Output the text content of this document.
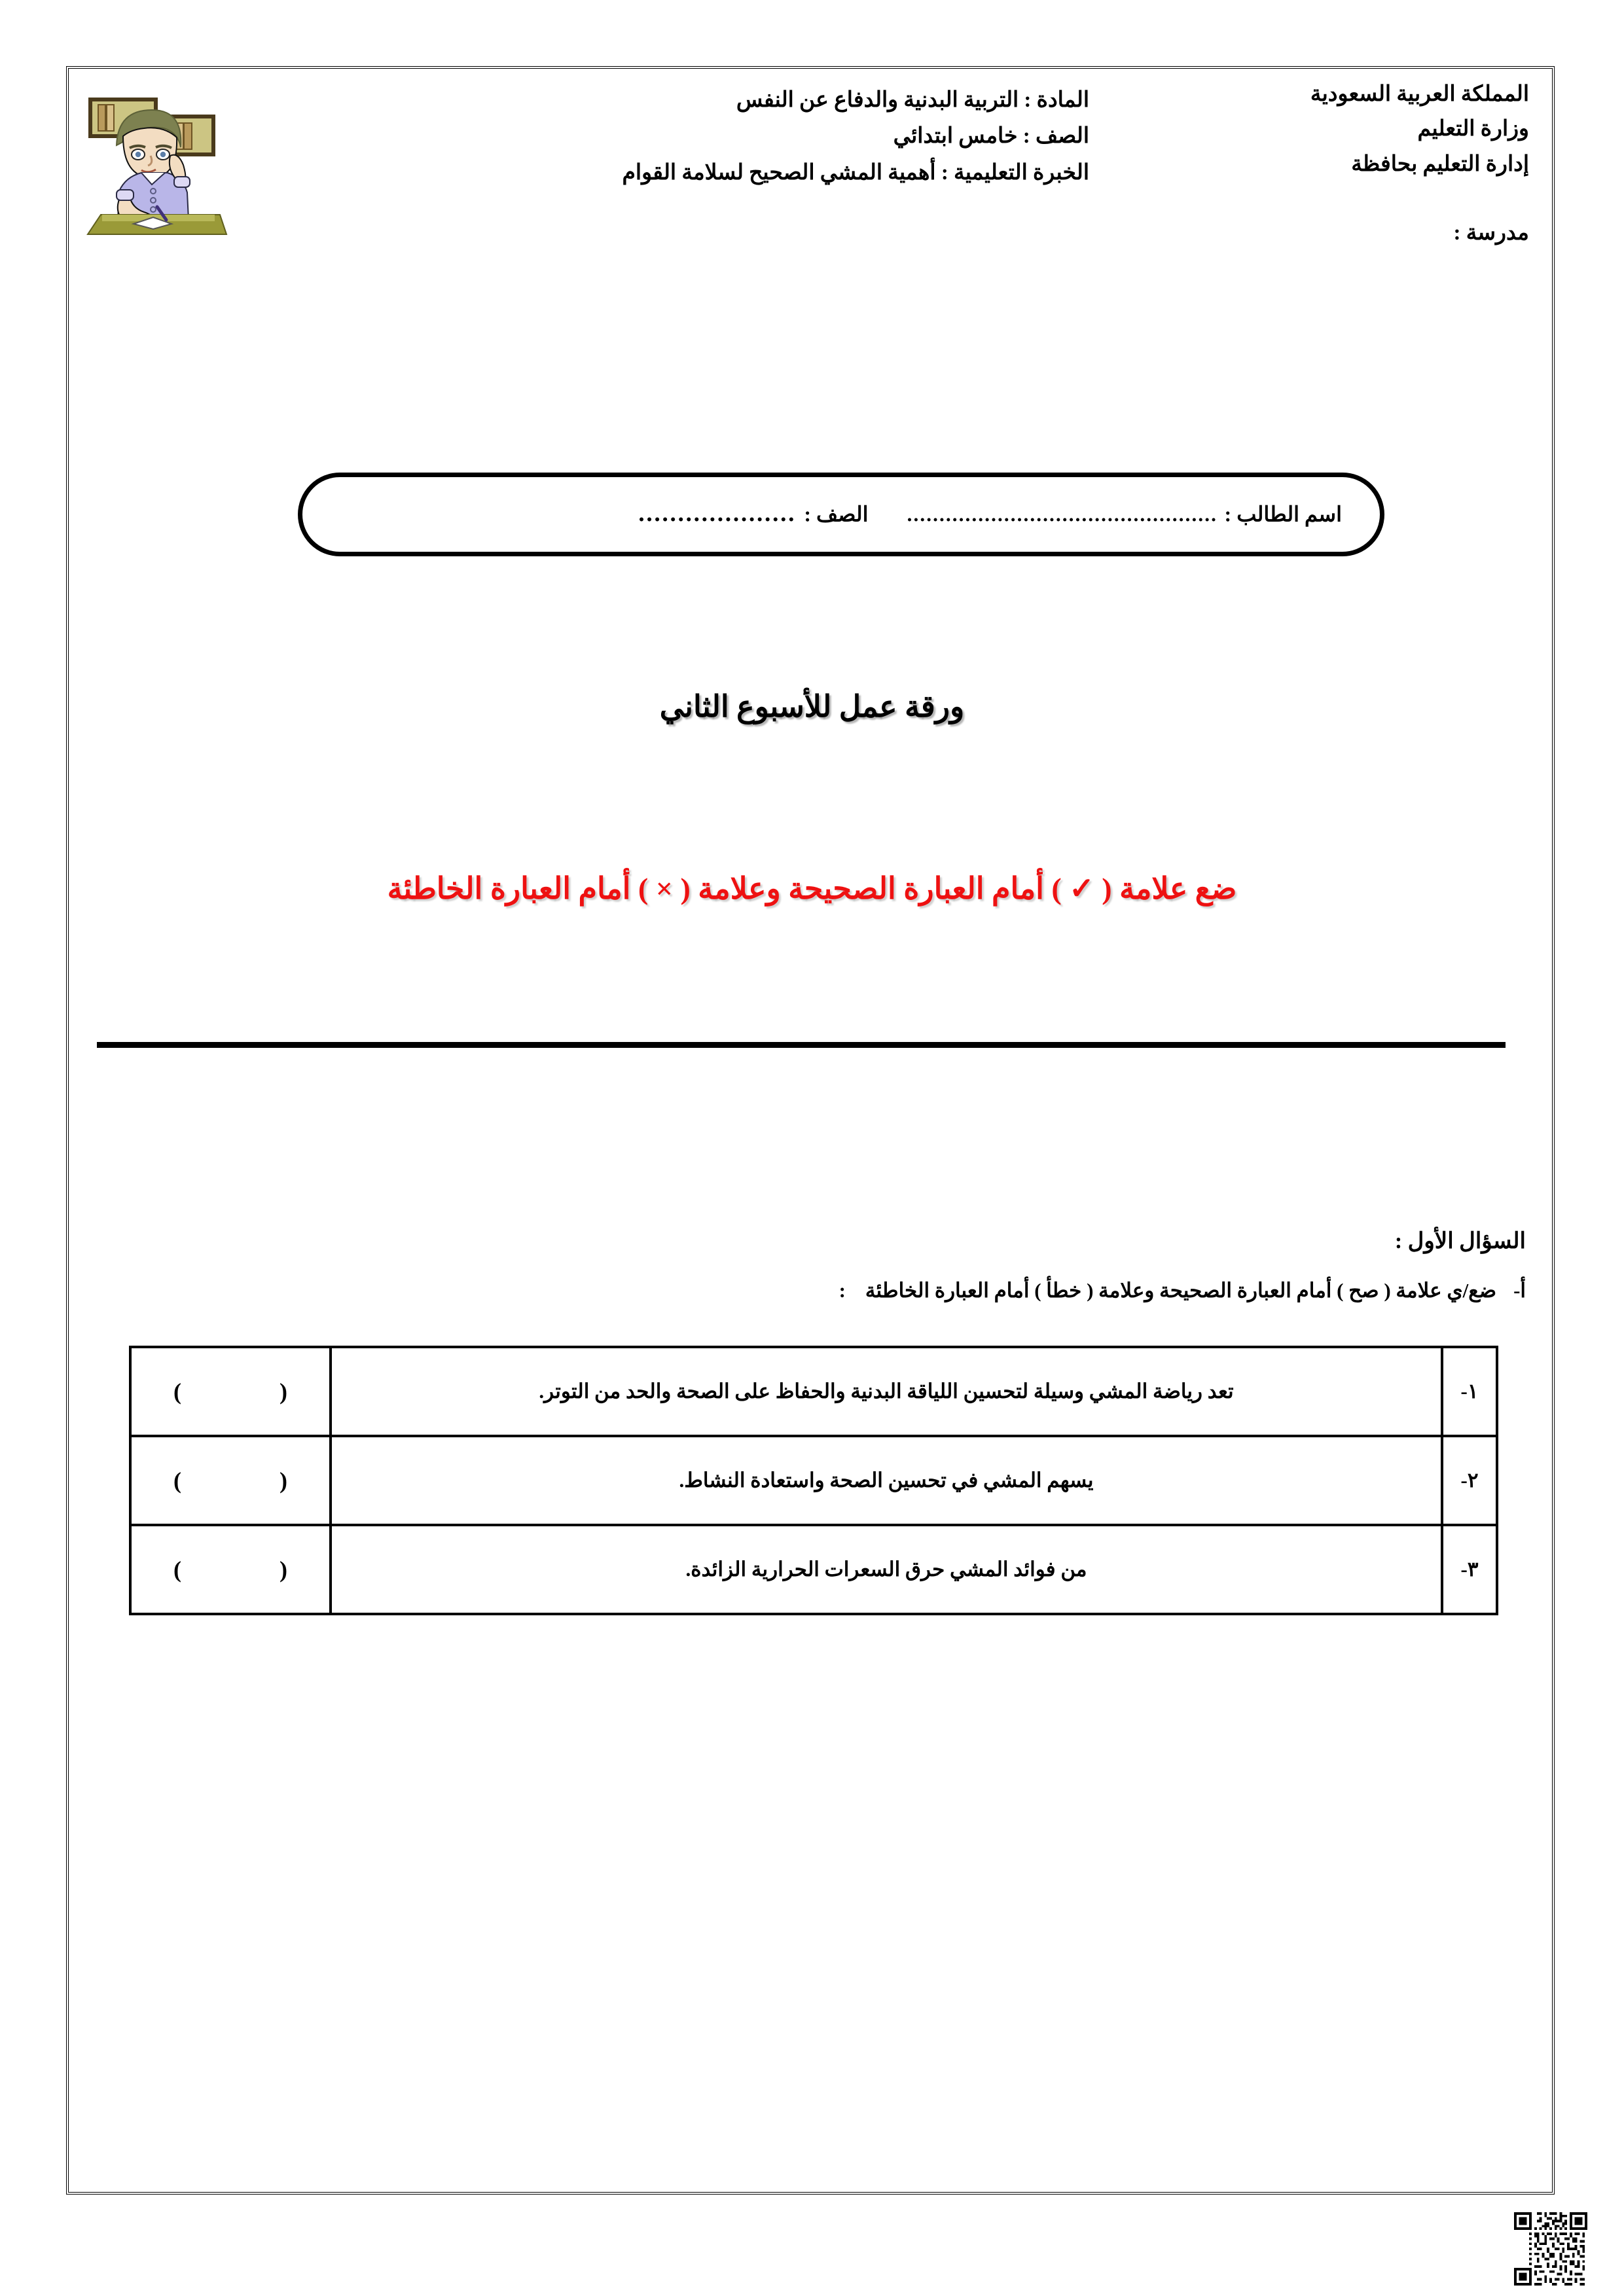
المملكة العربية السعودية
وزارة التعليم
إدارة التعليم بحافظة
مدرسة :
المادة : التربية البدنية والدفاع عن النفس
الصف : خامس ابتدائي
الخبرة التعليمية : أهمية المشي الصحيح لسلامة القوام
اسم الطالب :
الصف :
ورقة عمل للأسبوع الثاني
ضع علامة ( ✓ ) أمام العبارة الصحيحة وعلامة ( × ) أمام العبارة الخاطئة
السؤال الأول :
أ-
ضع/ي علامة ( صح ) أمام العبارة الصحيحة وعلامة ( خطأ ) أمام العبارة الخاطئة
:
١-	تعد رياضة المشي وسيلة لتحسين اللياقة البدنية والحفاظ على الصحة والحد من التوتر.	()
٢-	يسهم المشي في تحسين الصحة واستعادة النشاط.	()
٣-	من فوائد المشي حرق السعرات الحرارية الزائدة.	()
